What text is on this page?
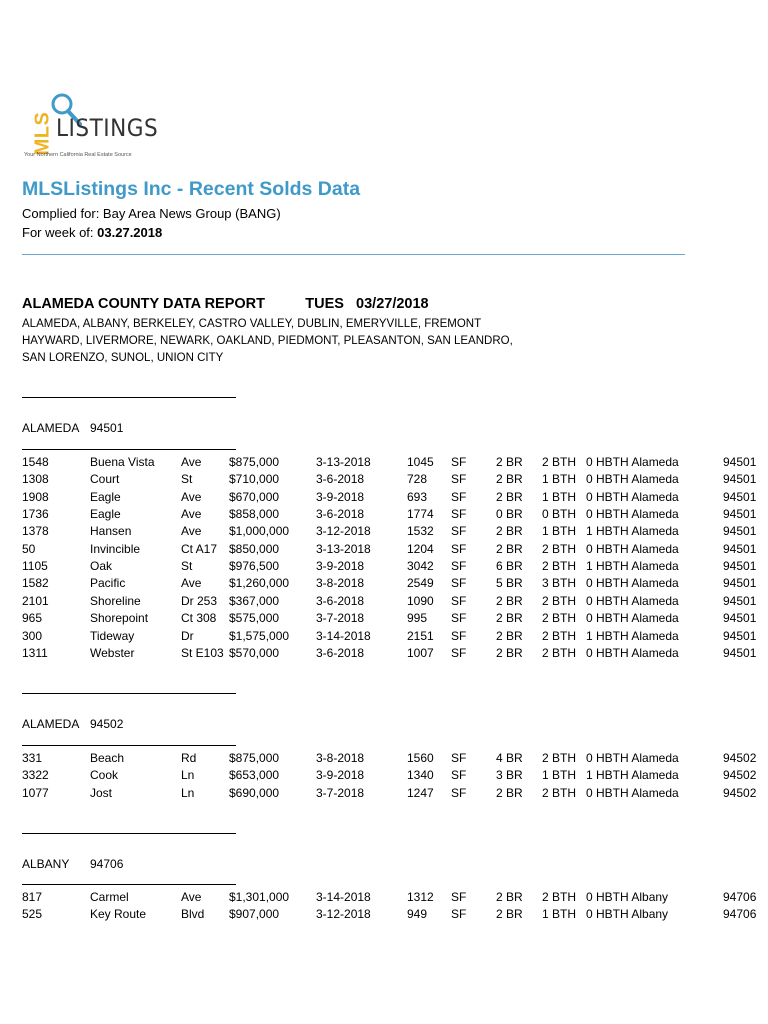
MLS LISTINGS
Your Northern California Real Estate Source
MLSListings Inc - Recent Solds Data
Complied for: Bay Area News Group (BANG)
For week of: 03.27.2018
ALAMEDA COUNTY DATA REPORT          TUES   03/27/2018
ALAMEDA, ALBANY, BERKELEY, CASTRO VALLEY, DUBLIN, EMERYVILLE, FREMONT
HAYWARD, LIVERMORE, NEWARK, OAKLAND, PIEDMONT, PLEASANTON, SAN LEANDRO,
SAN LORENZO, SUNOL, UNION CITY
ALAMEDA 94501
1548	Buena Vista Ave $875,000	3-13-2018	1045 SF 2 BR 2 BTH 0 HBTH Alameda	94501
1308	Court	St	$710,000	3-6-2018	728 SF 2 BR 1 BTH 0 HBTH Alameda	94501
1908	Eagle	Ave $670,000	3-9-2018	693 SF 2 BR 1 BTH 0 HBTH Alameda	94501
1736	Eagle	Ave $858,000	3-6-2018	1774 SF 0 BR 0 BTH 0 HBTH Alameda	94501
1378	Hansen	Ave $1,000,000 3-12-2018	1532 SF 2 BR 1 BTH 1 HBTH Alameda	94501
50	Invincible	Ct A17 $850,000	3-13-2018	1204 SF 2 BR 2 BTH 0 HBTH Alameda	94501
1105	Oak	St	$976,500	3-9-2018	3042 SF 6 BR 2 BTH 1 HBTH Alameda	94501
1582	Pacific	Ave $1,260,000 3-8-2018	2549 SF 5 BR 3 BTH 0 HBTH Alameda	94501
2101	Shoreline	Dr 253 $367,000	3-6-2018	1090 SF 2 BR 2 BTH 0 HBTH Alameda	94501
965	Shorepoint	Ct 308 $575,000	3-7-2018	995 SF 2 BR 2 BTH 0 HBTH Alameda	94501
300	Tideway	Dr	$1,575,000 3-14-2018	2151 SF 2 BR 2 BTH 1 HBTH Alameda	94501
1311	Webster	St E103 $570,000	3-6-2018	1007 SF 2 BR 2 BTH 0 HBTH Alameda	94501
ALAMEDA 94502
331	Beach	Rd	$875,000	3-8-2018	1560 SF 4 BR 2 BTH 0 HBTH Alameda	94502
3322	Cook	Ln	$653,000	3-9-2018	1340 SF 3 BR 1 BTH 1 HBTH Alameda	94502
1077	Jost	Ln	$690,000	3-7-2018	1247 SF 2 BR 2 BTH 0 HBTH Alameda	94502
ALBANY 94706
817	Carmel	Ave $1,301,000 3-14-2018	1312 SF 2 BR 2 BTH 0 HBTH Albany	94706
525	Key Route	Blvd $907,000	3-12-2018	949 SF 2 BR 1 BTH 0 HBTH Albany	94706
